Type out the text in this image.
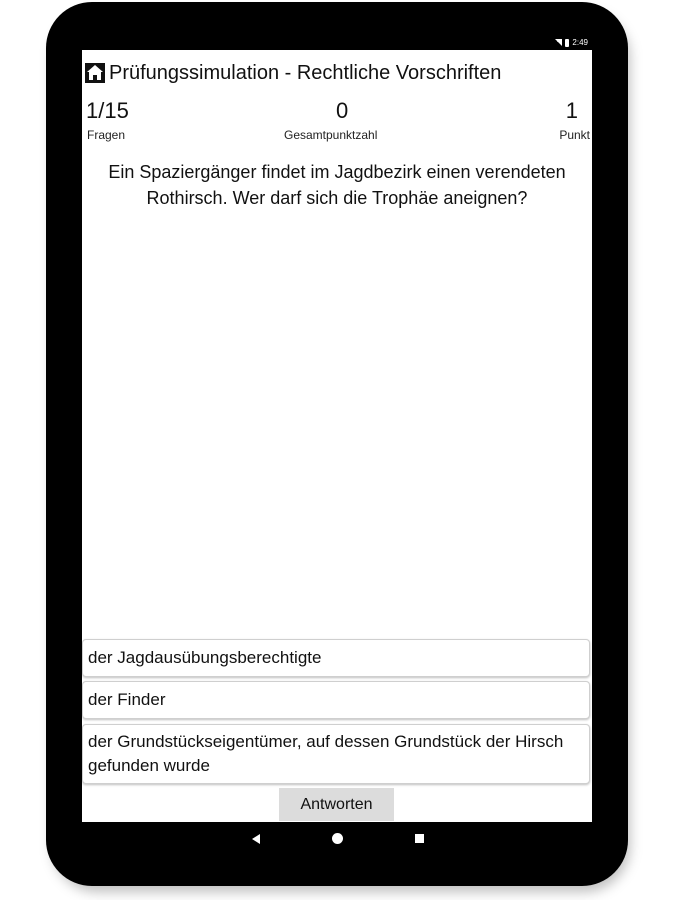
2:49
Prüfungssimulation - Rechtliche Vorschriften
1/15
Fragen
0
Gesamtpunktzahl
1
Punkt
Ein Spaziergänger findet im Jagdbezirk einen verendeten Rothirsch. Wer darf sich die Trophäe aneignen?
der Jagdausübungsberechtigte
der Finder
der Grundstückseigentümer, auf dessen Grundstück der Hirsch gefunden wurde
Antworten
